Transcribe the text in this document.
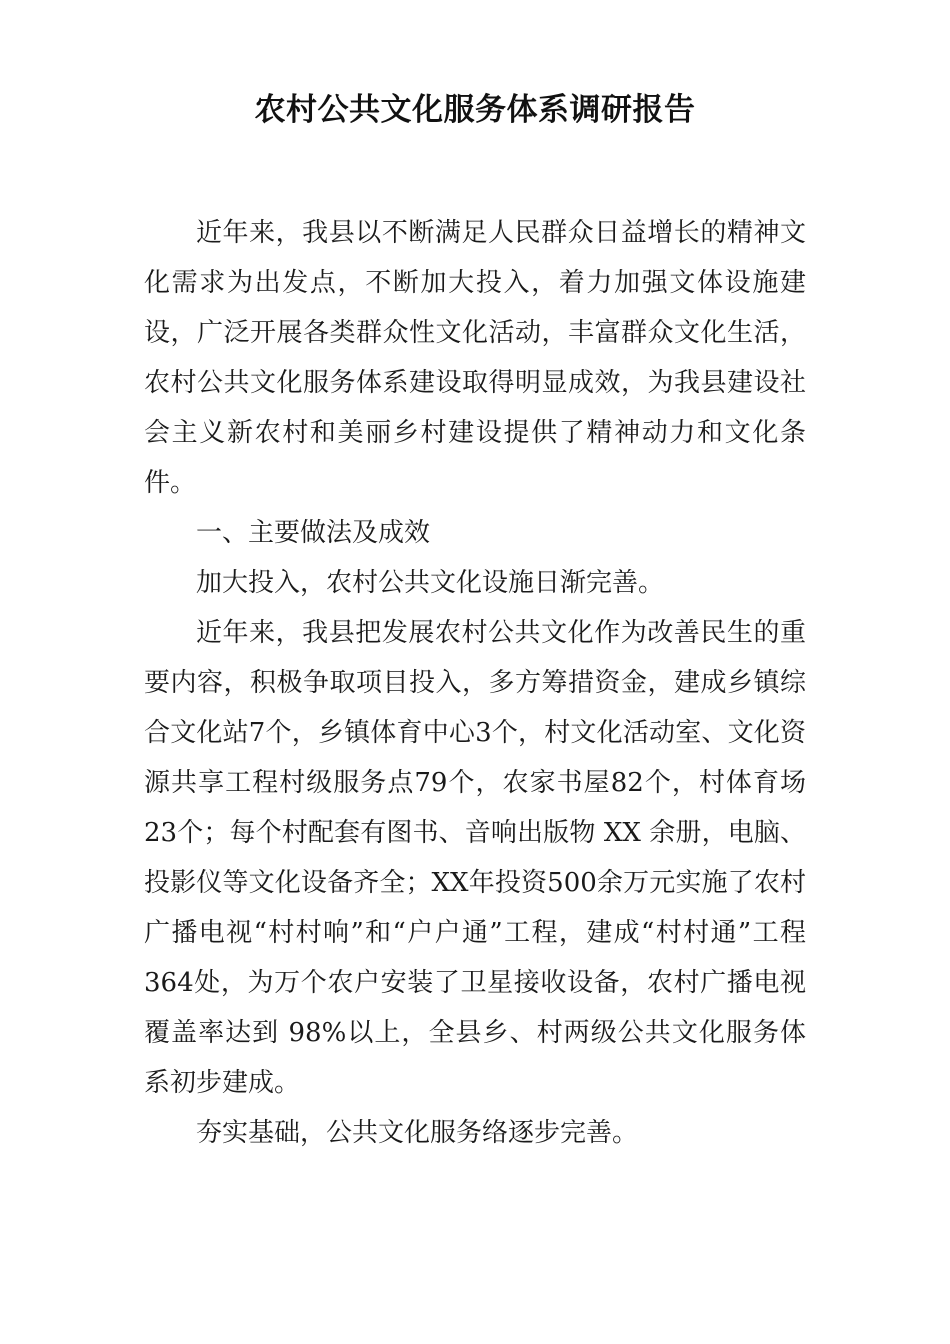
农村公共文化服务体系调研报告

近年来，我县以不断满足人民群众日益增长的精神文化需求为出发点，不断加大投入，着力加强文体设施建设，广泛开展各类群众性文化活动，丰富群众文化生活，农村公共文化服务体系建设取得明显成效，为我县建设社会主义新农村和美丽乡村建设提供了精神动力和文化条件。

一、主要做法及成效

加大投入，农村公共文化设施日渐完善。

近年来，我县把发展农村公共文化作为改善民生的重要内容，积极争取项目投入，多方筹措资金，建成乡镇综合文化站7个，乡镇体育中心3个，村文化活动室、文化资源共享工程村级服务点79个，农家书屋82个，村体育场23个；每个村配套有图书、音响出版物 XX 余册，电脑、投影仪等文化设备齐全；XX年投资500余万元实施了农村广播电视“村村响”和“户户通”工程，建成“村村通”工程364处，为万个农户安装了卫星接收设备，农村广播电视覆盖率达到 98%以上，全县乡、村两级公共文化服务体系初步建成。

夯实基础，公共文化服务络逐步完善。
